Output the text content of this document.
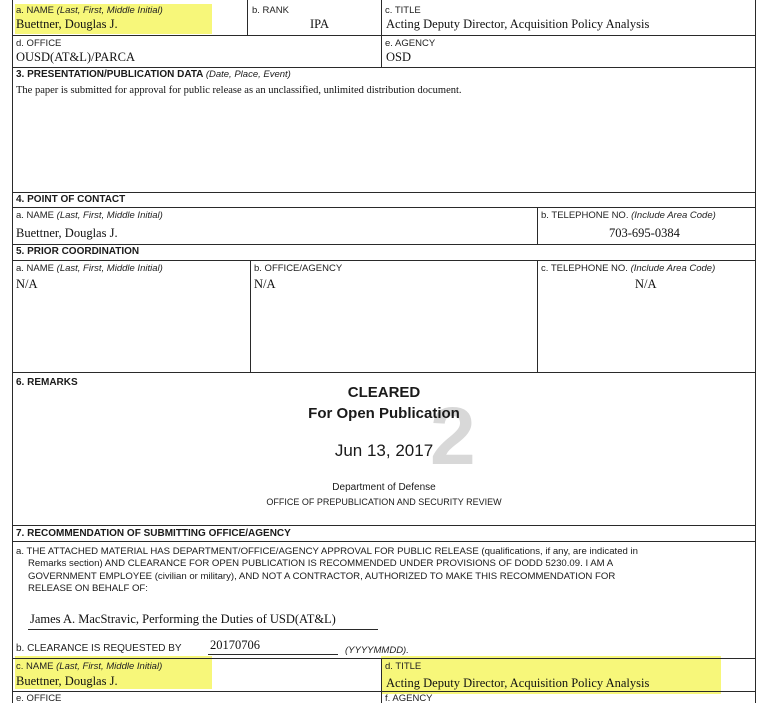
a. NAME (Last, First, Middle Initial)
Buettner, Douglas J.
b. RANK
IPA
c. TITLE
Acting Deputy Director, Acquisition Policy Analysis
d. OFFICE
OUSD(AT&L)/PARCA
e. AGENCY
OSD
3. PRESENTATION/PUBLICATION DATA (Date, Place, Event)
The paper is submitted for approval for public release as an unclassified, unlimited distribution document.
4. POINT OF CONTACT
a. NAME (Last, First, Middle Initial)
Buettner, Douglas J.
b. TELEPHONE NO. (Include Area Code)
703-695-0384
5. PRIOR COORDINATION
a. NAME (Last, First, Middle Initial)
N/A
b. OFFICE/AGENCY
N/A
c. TELEPHONE NO. (Include Area Code)
N/A
6. REMARKS
2
CLEARED
For Open Publication
Jun 13, 2017
Department of Defense
OFFICE OF PREPUBLICATION AND SECURITY REVIEW
7. RECOMMENDATION OF SUBMITTING OFFICE/AGENCY
a. THE ATTACHED MATERIAL HAS DEPARTMENT/OFFICE/AGENCY APPROVAL FOR PUBLIC RELEASE (qualifications, if any, are indicated in
Remarks section) AND CLEARANCE FOR OPEN PUBLICATION IS RECOMMENDED UNDER PROVISIONS OF DODD 5230.09. I AM A
GOVERNMENT EMPLOYEE (civilian or military), AND NOT A CONTRACTOR, AUTHORIZED TO MAKE THIS RECOMMENDATION FOR
RELEASE ON BEHALF OF:
James A. MacStravic, Performing the Duties of USD(AT&L)
b. CLEARANCE IS REQUESTED BY 20170706	(YYYYMMDD).
c. NAME (Last, First, Middle Initial)
Buettner, Douglas J.
d. TITLE
Acting Deputy Director, Acquisition Policy Analysis
e. OFFICE	f. AGENCY
